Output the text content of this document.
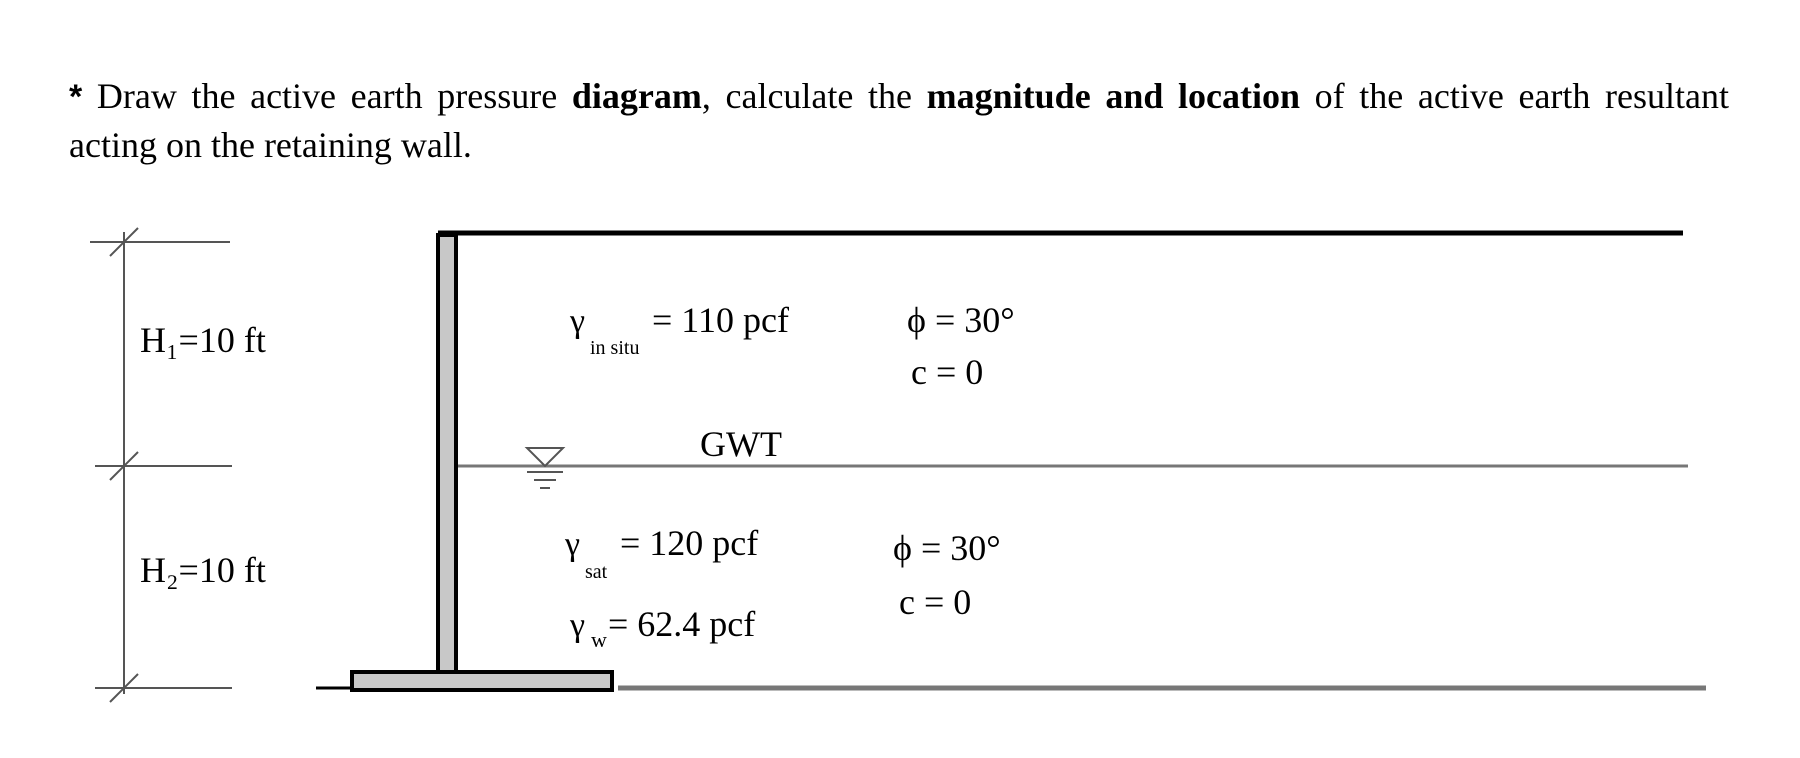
* Draw the active earth pressure diagram, calculate the magnitude and location of the active earth resultant acting on the retaining wall.
H₁=10 ft
H₂=10 ft
GWT
γ
in situ
= 110 pcf	ϕ = 30°
c = 0
γ
sat
= 120 pcf
γ w = 62.4 pcf
ϕ = 30°
c = 0
